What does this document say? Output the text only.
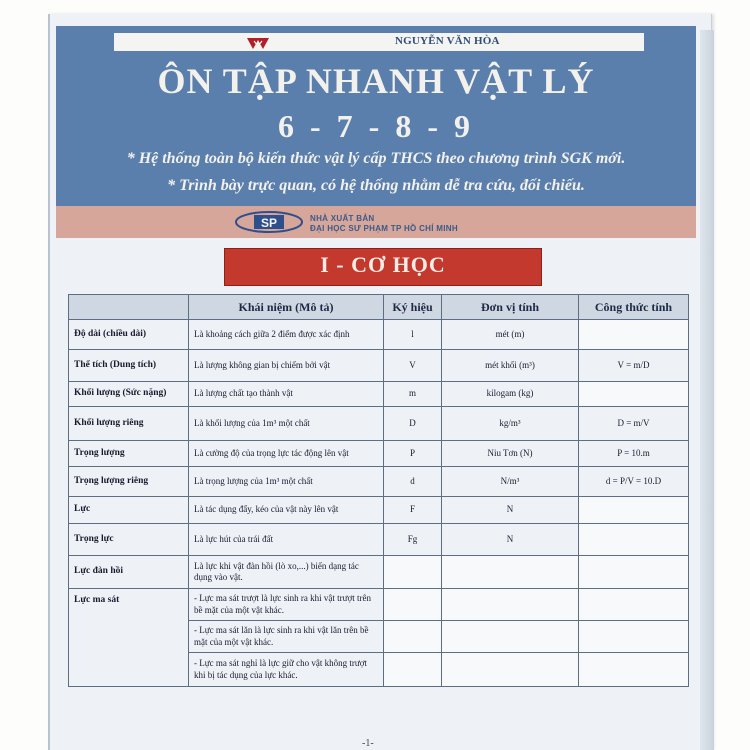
NGUYỄN VĂN HÒA
ÔN TẬP NHANH VẬT LÝ
6 - 7 - 8 - 9
* Hệ thống toàn bộ kiến thức vật lý cấp THCS theo chương trình SGK mới.
* Trình bày trực quan, có hệ thống nhằm dễ tra cứu, đối chiếu.
SP	NHÀ XUẤT BẢN
ĐẠI HỌC SƯ PHẠM TP HỒ CHÍ MINH
I - CƠ HỌC
	Khái niệm (Mô tả)	Ký hiệu	Đơn vị tính	Công thức tính
Độ dài (chiều dài)	Là khoảng cách giữa 2 điểm được xác định	l	mét (m)	
Thể tích (Dung tích)	Là lượng không gian bị chiếm bởi vật	V	mét khối (m³)	V = m/D
Khối lượng (Sức nặng)	Là lượng chất tạo thành vật	m	kilogam (kg)	
Khối lượng riêng	Là khối lượng của 1m³ một chất	D	kg/m³	D = m/V
Trọng lượng	Là cường độ của trọng lực tác động lên vật	P	Niu Tơn (N)	P = 10.m
Trọng lượng riêng	Là trọng lượng của 1m³ một chất	d	N/m³	d = P/V = 10.D
Lực	Là tác dụng đẩy, kéo của vật này lên vật	F	N	
Trọng lực	Là lực hút của trái đất	Fg	N	
Lực đàn hồi	Là lực khi vật đàn hồi (lò xo,...) biến dạng tác dụng vào vật.			
Lực ma sát	- Lực ma sát trượt là lực sinh ra khi vật trượt trên bề mặt của một vật khác.			
	- Lực ma sát lăn là lực sinh ra khi vật lăn trên bề mặt của một vật khác.			
	- Lực ma sát nghỉ là lực giữ cho vật không trượt khi bị tác dụng của lực khác.			
-1-
